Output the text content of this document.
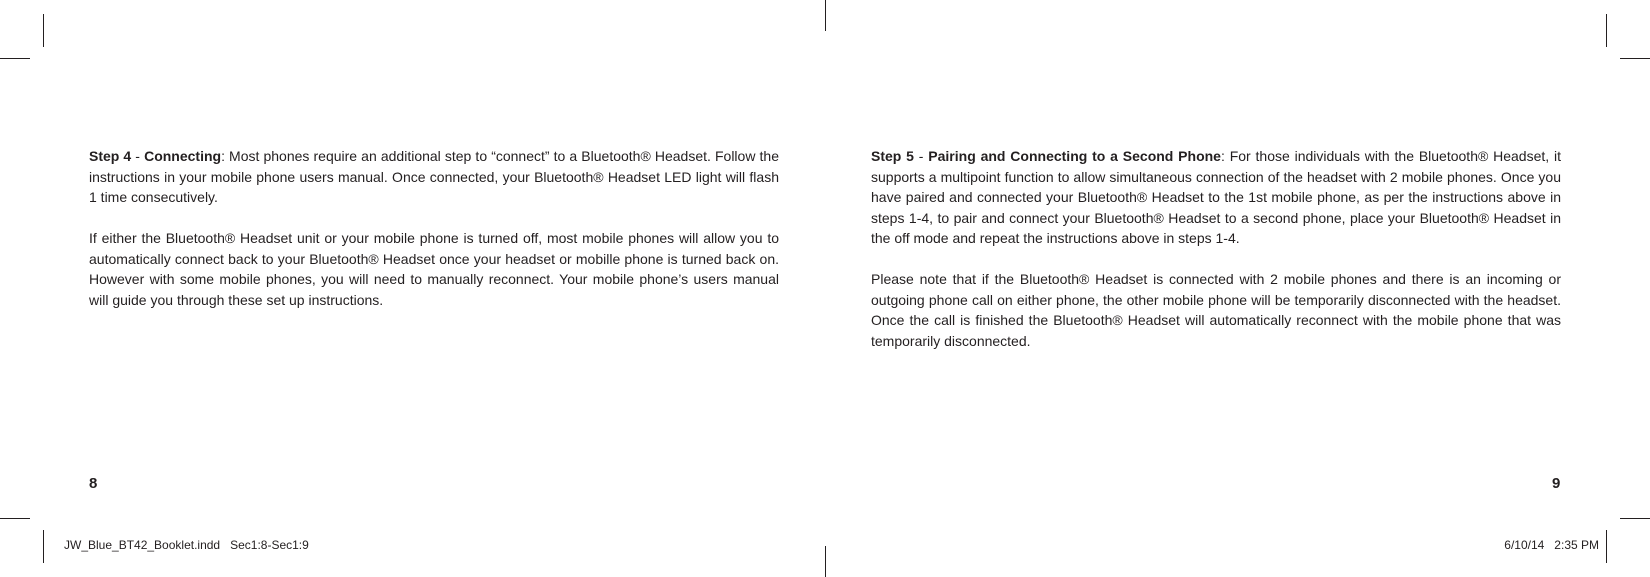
Step 4 - Connecting: Most phones require an additional step to “connect” to a Bluetooth® Headset. Follow the instructions in your mobile phone users manual. Once connected, your Bluetooth® Headset LED light will flash 1 time consecutively.

If either the Bluetooth® Headset unit or your mobile phone is turned off, most mobile phones will allow you to automatically connect back to your Bluetooth® Headset once your headset or mobille phone is turned back on. However with some mobile phones, you will need to manually reconnect. Your mobile phone’s users manual will guide you through these set up instructions.

8

Step 5 - Pairing and Connecting to a Second Phone: For those individuals with the Bluetooth® Headset, it supports a multipoint function to allow simultaneous connection of the headset with 2 mobile phones. Once you have paired and connected your Bluetooth® Headset to the 1st mobile phone, as per the instructions above in steps 1-4, to pair and connect your Bluetooth® Headset to a second phone, place your Bluetooth® Headset in the off mode and repeat the instructions above in steps 1-4.

Please note that if the Bluetooth® Headset is connected with 2 mobile phones and there is an incoming or outgoing phone call on either phone, the other mobile phone will be temporarily disconnected with the headset. Once the call is finished the Bluetooth® Headset will automatically reconnect with the mobile phone that was temporarily disconnected.

9
JW_Blue_BT42_Booklet.indd   Sec1:8-Sec1:9	6/10/14   2:35 PM
